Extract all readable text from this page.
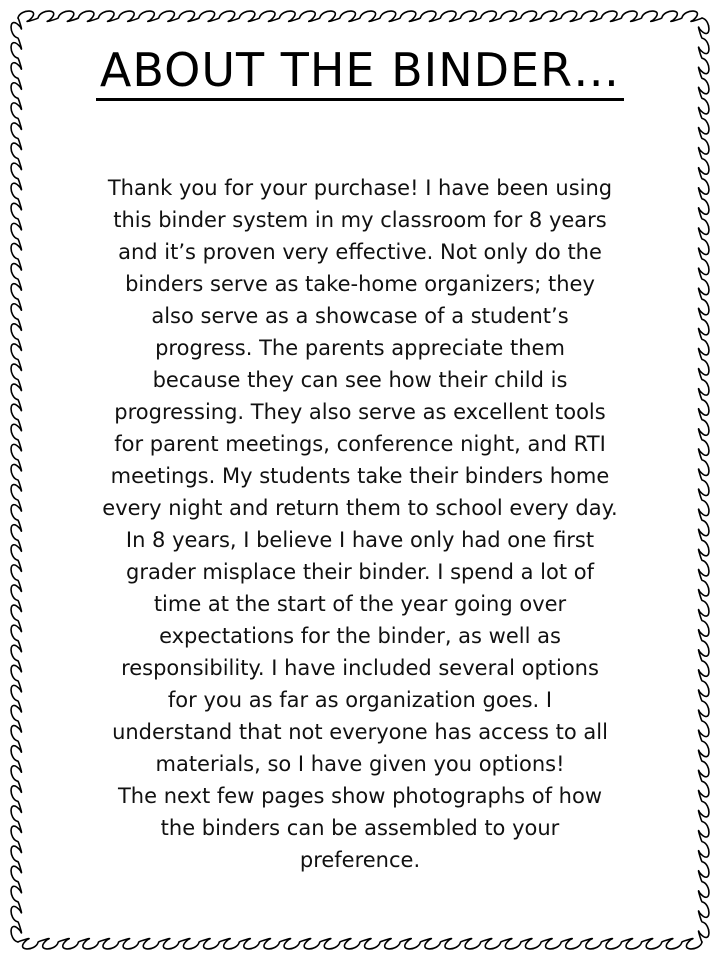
ABOUT THE BINDER…
Thank you for your purchase! I have been using
this binder system in my classroom for 8 years
and it’s proven very effective. Not only do the
binders serve as take-home organizers; they
also serve as a showcase of a student’s
progress. The parents appreciate them
because they can see how their child is
progressing. They also serve as excellent tools
for parent meetings, conference night, and RTI
meetings. My students take their binders home
every night and return them to school every day.
In 8 years, I believe I have only had one first
grader misplace their binder. I spend a lot of
time at the start of the year going over
expectations for the binder, as well as
responsibility. I have included several options
for you as far as organization goes. I
understand that not everyone has access to all
materials, so I have given you options!
The next few pages show photographs of how
the binders can be assembled to your
preference.
